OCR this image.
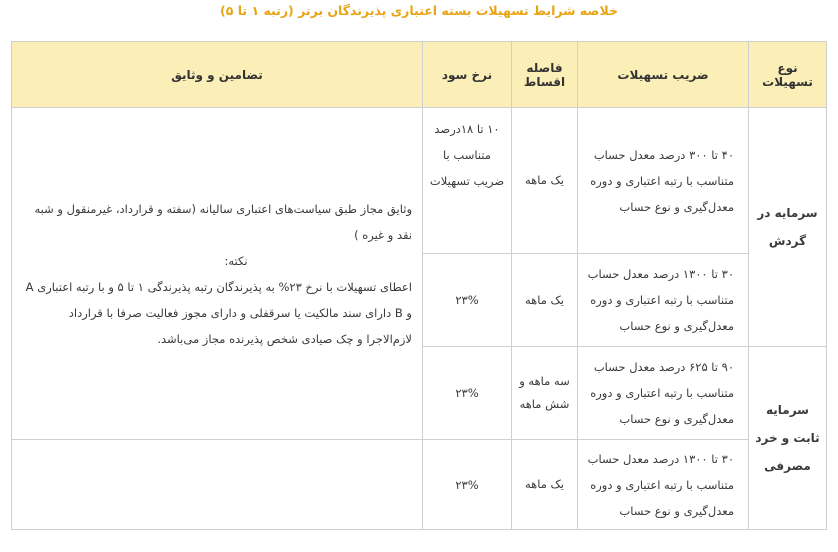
خلاصه شرایط تسهیلات بسته اعتباری پذیرندگان برتر (رتبه ۱ تا ۵)
نوع تسهیلات	ضریب تسهیلات	فاصله اقساط	نرخ سود	تضامین و وثایق
سرمایه در گردش	۴۰ تا ۳۰۰ درصد معدل حساب متناسب با رتبه اعتباری و دوره معدل‌گیری و نوع حساب	یک ماهه	۱۰ تا ۱۸درصد متناسب با ضریب تسهیلات	وثایق مجاز طبق سیاست‌های اعتباری سالیانه (سفته و قرارداد، غیرمنقول و شبه نقد و غیره )
نکته:
اعطای تسهیلات با نرخ ۲۳% به پذیرندگان رتبه پذیرندگی ۱ تا ۵ و با رتبه اعتباری A و B دارای سند مالکیت یا سرقفلی و دارای مجوز فعالیت صرفا با قرارداد لازم‌الاجرا و چک صیادی شخص پذیرنده مجاز می‌باشد.

	۳۰ تا ۱۳۰۰ درصد معدل حساب متناسب با رتبه اعتباری و دوره معدل‌گیری و نوع حساب	یک ماهه	۲۳%	
سرمایه ثابت و خرد مصرفی	۹۰ تا ۶۲۵ درصد معدل حساب متناسب با رتبه اعتباری و دوره معدل‌گیری و نوع حساب	سه ماهه و شش ماهه	۲۳%	
	۳۰ تا ۱۳۰۰ درصد معدل حساب متناسب با رتبه اعتباری و دوره معدل‌گیری و نوع حساب	یک ماهه	۲۳%	
